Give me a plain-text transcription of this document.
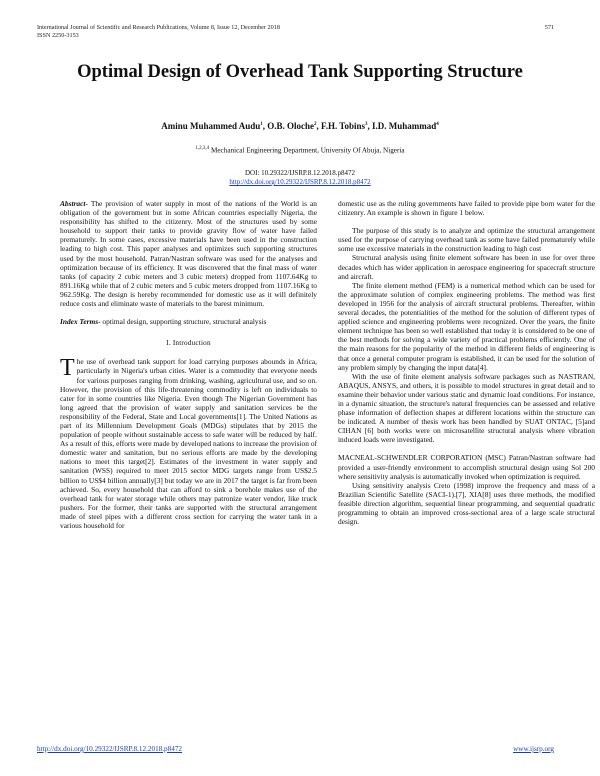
International Journal of Scientific and Research Publications, Volume 8, Issue 12, December 2018
ISSN 2250-3153
571
Optimal Design of Overhead Tank Supporting Structure
Aminu Muhammed Audu$^1$, O.B. Oloche$^2$, F.H. Tobins$^3$, I.D. Muhammad$^4$
$^{1,2,3,4}$ Mechanical Engineering Department, University Of Abuja, Nigeria
DOI: 10.29322/IJSRP.8.12.2018.p8472
http://dx.doi.org/10.29322/IJSRP.8.12.2018.p8472

Abstract- The provision of water supply in most of the nations of the World is an obligation of the government but in some African countries especially Nigeria, the responsibility has shifted to the citizenry. Most of the structures used by some household to support their tanks to provide gravity flow of water have failed prematurely. In some cases, excessive materials have been used in the construction leading to high cost. This paper analyses and optimizes such supporting structures used by the most household. Patran/Nastran software was used for the analyses and optimization because of its efficiency. It was discovered that the final mass of water tanks (of capacity 2 cubic meters and 3 cubic meters) dropped from 1107.64Kg to 891.16Kg while that of 2 cubic meters and 5 cubic meters dropped from 1107.16Kg to 962.59Kg. The design is hereby recommended for domestic use as it will definitely reduce costs and eliminate waste of materials to the barest minimum.

Index Terms- optimal design, supporting structure, structural analysis

I. Introduction

The use of overhead tank support for load carrying purposes abounds in Africa, particularly in Nigeria's urban cities. Water is a commodity that everyone needs for various purposes ranging from drinking, washing, agricultural use, and so on. However, the provision of this life-threatening commodity is left on individuals to cater for in some countries like Nigeria. Even though The Nigerian Government has long agreed that the provision of water supply and sanitation services be the responsibility of the Federal, State and Local governments[1]. The United Nations as part of its Millennium Development Goals (MDGs) stipulates that by 2015 the population of people without sustainable access to safe water will be reduced by half. As a result of this, efforts were made by developed nations to increase the provision of domestic water and sanitation, but no serious efforts are made by the developing nations to meet this target[2]. Estimates of the investment in water supply and sanitation (WSS) required to meet 2015 sector MDG targets range from US$2.5 billion to US$4 billion annually[3] but today we are in 2017 the target is far from been achieved. So, every household that can afford to sink a borehole makes use of the overhead tank for water storage while others may patronize water vendor, like truck pushers. For the former, their tanks are supported with the structural arrangement made of steel pipes with a different cross section for carrying the water tank in a various household for

domestic use as the ruling governments have failed to provide pipe born water for the citizenry. An example is shown in figure 1 below.

The purpose of this study is to analyze and optimize the structural arrangement used for the purpose of carrying overhead tank as some have failed prematurely while some use excessive materials in the construction leading to high cost

Structural analysis using finite element software has been in use for over three decades which has wider application in aerospace engineering for spacecraft structure and aircraft.

The finite element method (FEM) is a numerical method which can be used for the approximate solution of complex engineering problems. The method was first developed in 1956 for the analysis of aircraft structural problems. Thereafter, within several decades, the potentialities of the method for the solution of different types of applied science and engineering problems were recognized. Over the years, the finite element technique has been so well established that today it is considered to be one of the best methods for solving a wide variety of practical problems efficiently. One of the main reasons for the popularity of the method in different fields of engineering is that once a general computer program is established, it can be used for the solution of any problem simply by changing the input data[4].

With the use of finite element analysis software packages such as NASTRAN, ABAQUS, ANSYS, and others, it is possible to model structures in great detail and to examine their behavior under various static and dynamic load conditions. For instance, in a dynamic situation, the structure's natural frequencies can be assessed and relative phase information of deflection shapes at different locations within the structure can be indicated. A number of thesis work has been handled by SUAT ONTAC, [5]and CIHAN [6] both works were on microsatellite structural analysis where vibration induced loads were investigated.

MACNEAL-SCHWENDLER CORPORATION (MSC) Patran/Nastran software had provided a user-friendly environment to accomplish structural design using Sol 200 where sensitivity analysis is automatically invoked when optimization is required.

Using sensitivity analysis Creto (1998) improve the frequency and mass of a Brazilian Scientific Satellite (SACI-1).[7], XIA[8] uses three methods, the modified feasible direction algorithm, sequential linear programming, and sequential quadratic programming to obtain an improved cross-sectional area of a large scale structural design.

http://dx.doi.org/10.29322/IJSRP.8.12.2018.p8472	www.ijsrp.org
